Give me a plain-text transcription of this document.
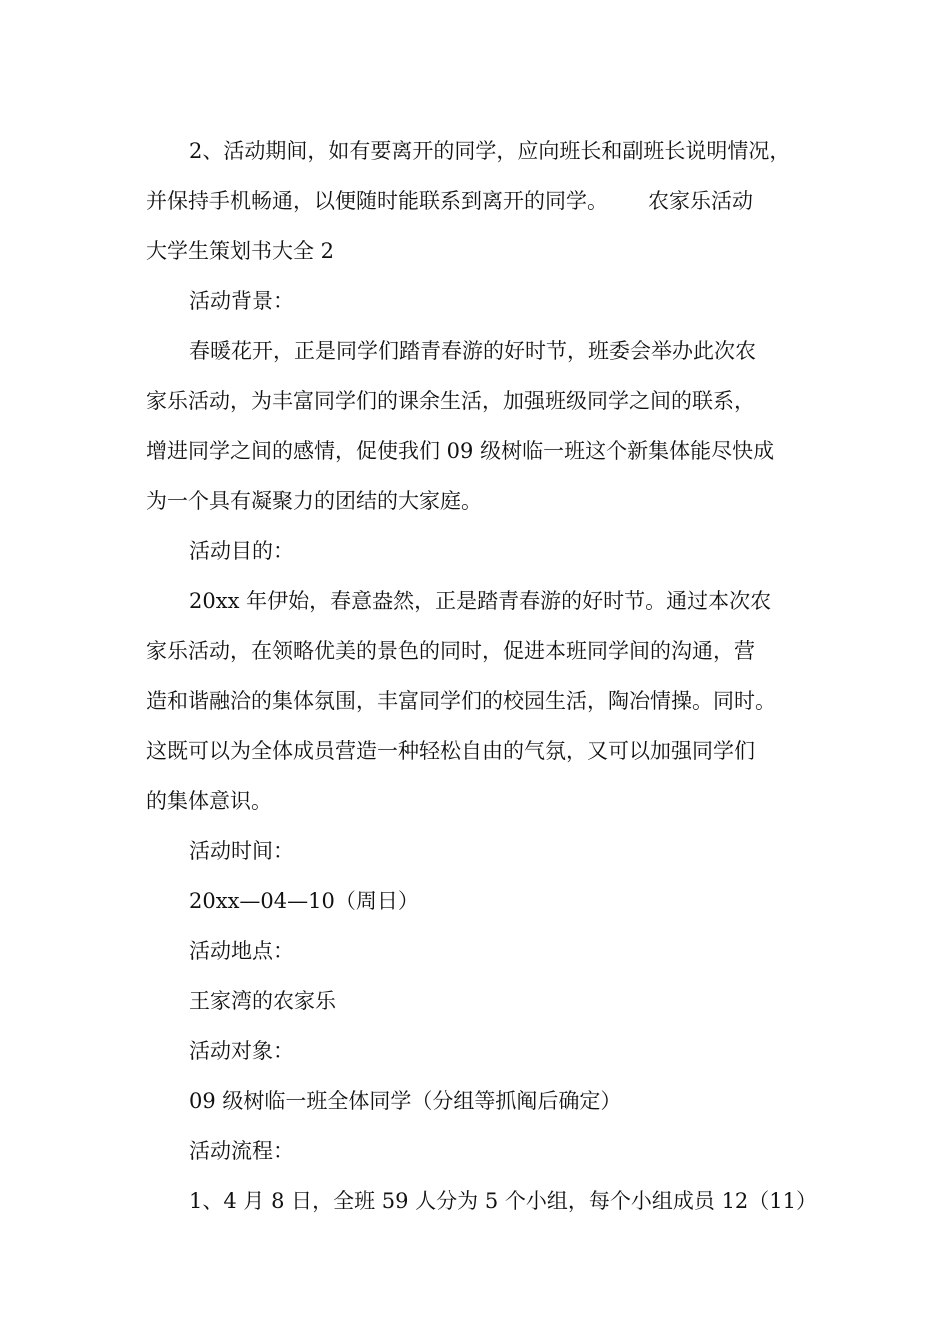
2、活动期间，如有要离开的同学，应向班长和副班长说明情况，

并保持手机畅通，以便随时能联系到离开的同学。      农家乐活动

大学生策划书大全 2

活动背景：

春暖花开，正是同学们踏青春游的好时节，班委会举办此次农

家乐活动，为丰富同学们的课余生活，加强班级同学之间的联系，

增进同学之间的感情，促使我们 09 级树临一班这个新集体能尽快成

为一个具有凝聚力的团结的大家庭。

活动目的：

20xx 年伊始，春意盎然，正是踏青春游的好时节。通过本次农

家乐活动，在领略优美的景色的同时，促进本班同学间的沟通，营

造和谐融洽的集体氛围，丰富同学们的校园生活，陶冶情操。同时。

这既可以为全体成员营造一种轻松自由的气氛，又可以加强同学们

的集体意识。

活动时间：

20xx—04—10（周日）

活动地点：

王家湾的农家乐

活动对象：

09 级树临一班全体同学（分组等抓阄后确定）

活动流程：

1、4 月 8 日，全班 59 人分为 5 个小组，每个小组成员 12（11）
